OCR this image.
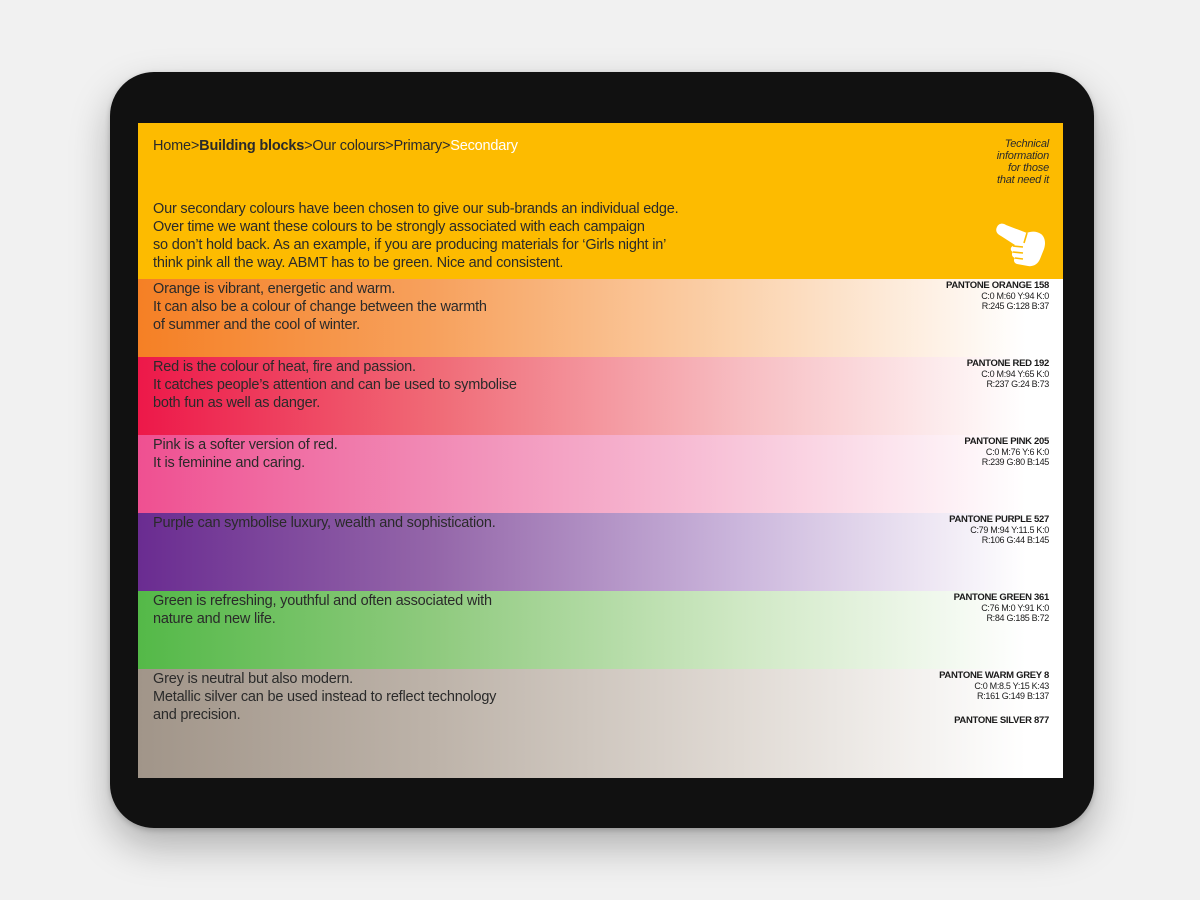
Home>Building blocks>Our colours>Primary>Secondary	Technical
information
for those
that need it
Our secondary colours have been chosen to give our sub-brands an individual edge.
Over time we want these colours to be strongly associated with each campaign
so don’t hold back. As an example, if you are producing materials for ‘Girls night in’
think pink all the way. ABMT has to be green. Nice and consistent.
Orange is vibrant, energetic and warm.
It can also be a colour of change between the warmth
of summer and the cool of winter.
PANTONE ORANGE 158
C:0 M:60 Y:94 K:0
R:245 G:128 B:37
Red is the colour of heat, fire and passion.
It catches people’s attention and can be used to symbolise
both fun as well as danger.
PANTONE RED 192
C:0 M:94 Y:65 K:0
R:237 G:24 B:73
Pink is a softer version of red.
It is feminine and caring.
PANTONE PINK 205
C:0 M:76 Y:6 K:0
R:239 G:80 B:145
Purple can symbolise luxury, wealth and sophistication.	PANTONE PURPLE 527
C:79 M:94 Y:11.5 K:0
R:106 G:44 B:145
Green is refreshing, youthful and often associated with
nature and new life.
PANTONE GREEN 361
C:76 M:0 Y:91 K:0
R:84 G:185 B:72
Grey is neutral but also modern.
Metallic silver can be used instead to reflect technology
and precision.
PANTONE WARM GREY 8
C:0 M:8.5 Y:15 K:43
R:161 G:149 B:137
PANTONE SILVER 877
